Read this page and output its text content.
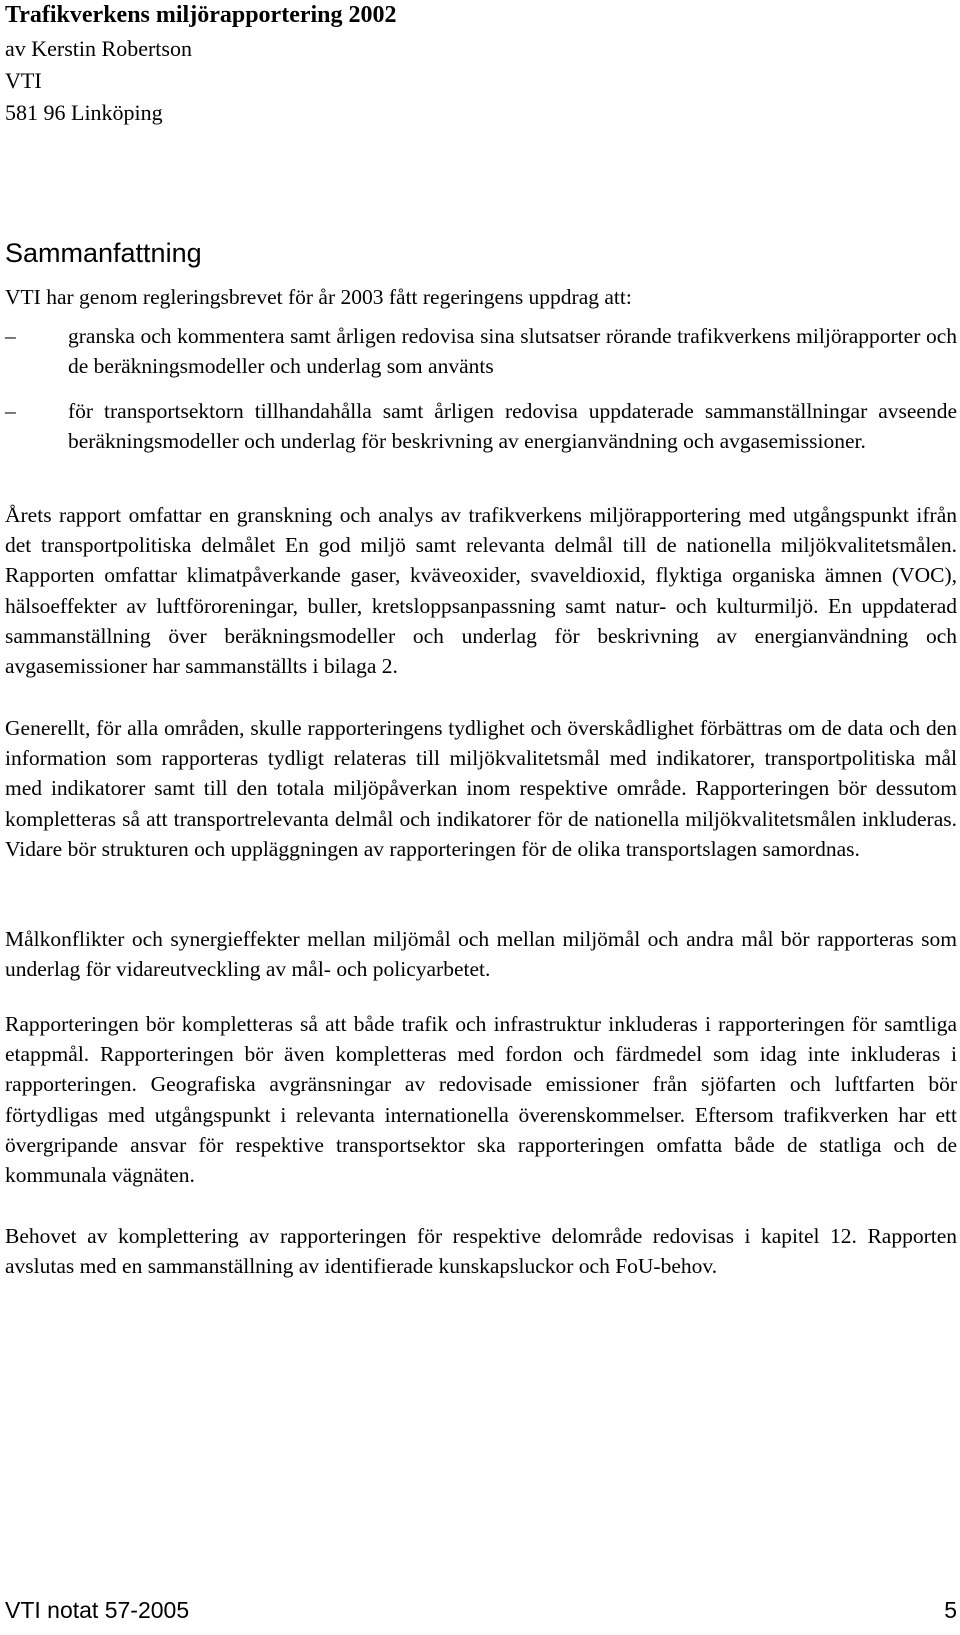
Trafikverkens miljörapportering 2002
av Kerstin Robertson
VTI
581 96 Linköping
Sammanfattning
VTI har genom regleringsbrevet för år 2003 fått regeringens uppdrag att:
– granska och kommentera samt årligen redovisa sina slutsatser rörande trafikverkens miljörapporter och de beräkningsmodeller och underlag som använts
– för transportsektorn tillhandahålla samt årligen redovisa uppdaterade sammanställningar avseende beräkningsmodeller och underlag för beskrivning av energianvändning och avgasemissioner.

Årets rapport omfattar en granskning och analys av trafikverkens miljörapportering med utgångspunkt ifrån det transportpolitiska delmålet En god miljö samt relevanta delmål till de nationella miljökvalitetsmålen. Rapporten omfattar klimatpåverkande gaser, kväveoxider, svaveldioxid, flyktiga organiska ämnen (VOC), hälsoeffekter av luftföroreningar, buller, kretsloppsanpassning samt natur- och kulturmiljö. En uppdaterad sammanställning över beräkningsmodeller och underlag för beskrivning av energianvändning och avgasemissioner har sammanställts i bilaga 2.

Generellt, för alla områden, skulle rapporteringens tydlighet och överskådlighet förbättras om de data och den information som rapporteras tydligt relateras till miljökvalitetsmål med indikatorer, transportpolitiska mål med indikatorer samt till den totala miljöpåverkan inom respektive område. Rapporteringen bör dessutom kompletteras så att transportrelevanta delmål och indikatorer för de nationella miljökvalitetsmålen inkluderas. Vidare bör strukturen och uppläggningen av rapporteringen för de olika transportslagen samordnas.

Målkonflikter och synergieffekter mellan miljömål och mellan miljömål och andra mål bör rapporteras som underlag för vidareutveckling av mål- och policyarbetet.

Rapporteringen bör kompletteras så att både trafik och infrastruktur inkluderas i rapporteringen för samtliga etappmål. Rapporteringen bör även kompletteras med fordon och färdmedel som idag inte inkluderas i rapporteringen. Geografiska avgränsningar av redovisade emissioner från sjöfarten och luftfarten bör förtydligas med utgångspunkt i relevanta internationella överenskommelser. Eftersom trafikverken har ett övergripande ansvar för respektive transportsektor ska rapporteringen omfatta både de statliga och de kommunala vägnäten.

Behovet av komplettering av rapporteringen för respektive delområde redovisas i kapitel 12. Rapporten avslutas med en sammanställning av identifierade kunskapsluckor och FoU-behov.

VTI notat 57-2005	5
